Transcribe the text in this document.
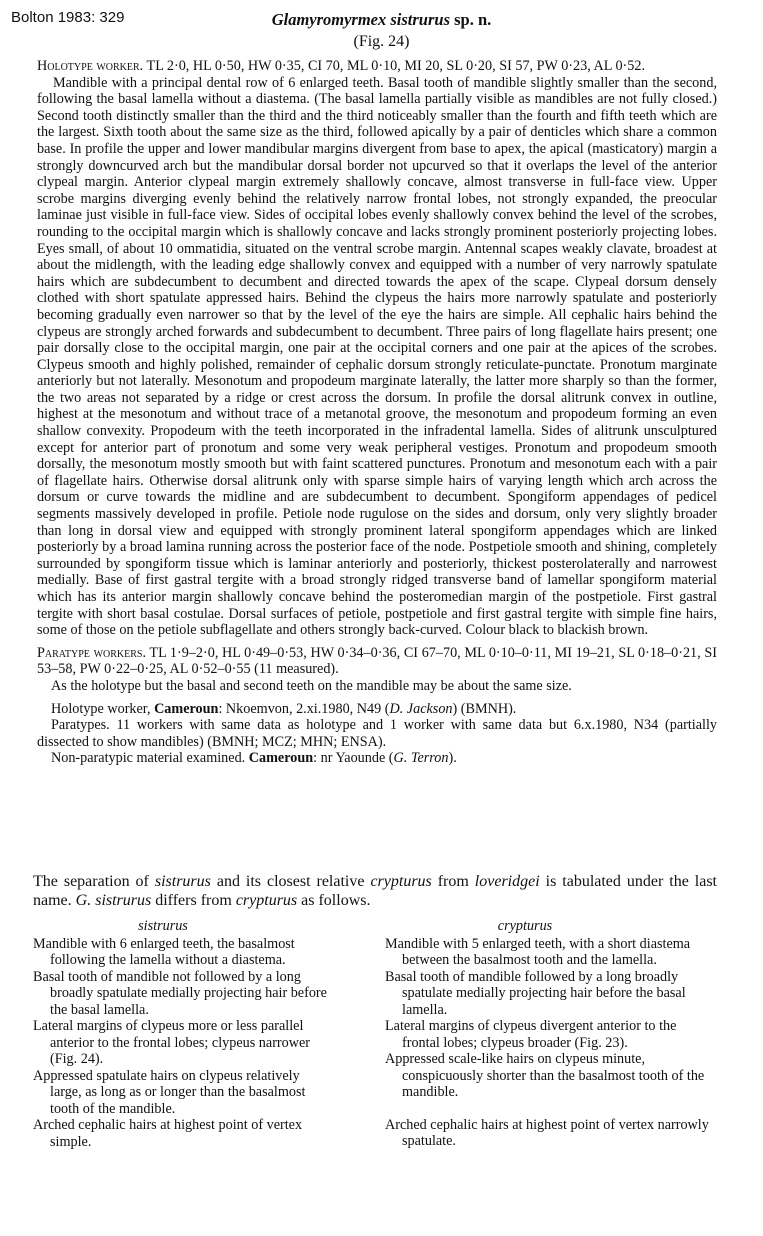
Bolton 1983: 329	Glamyromyrmex sistrurus sp. n.
(Fig. 24)

Holotype worker. TL 2·0, HL 0·50, HW 0·35, CI 70, ML 0·10, MI 20, SL 0·20, SI 57, PW 0·23, AL 0·52.

Mandible with a principal dental row of 6 enlarged teeth. Basal tooth of mandible slightly smaller than the second, following the basal lamella without a diastema. (The basal lamella partially visible as mandibles are not fully closed.) Second tooth distinctly smaller than the third and the third noticeably smaller than the fourth and fifth teeth which are the largest. Sixth tooth about the same size as the third, followed apically by a pair of denticles which share a common base. In profile the upper and lower mandibular margins divergent from base to apex, the apical (masticatory) margin a strongly downcurved arch but the mandibular dorsal border not upcurved so that it overlaps the level of the anterior clypeal margin. Anterior clypeal margin extremely shallowly concave, almost transverse in full-face view. Upper scrobe margins diverging evenly behind the relatively narrow frontal lobes, not strongly expanded, the preocular laminae just visible in full-face view. Sides of occipital lobes evenly shallowly convex behind the level of the scrobes, rounding to the occipital margin which is shallowly concave and lacks strongly prominent posteriorly projecting lobes. Eyes small, of about 10 ommatidia, situated on the ventral scrobe margin. Antennal scapes weakly clavate, broadest at about the midlength, with the leading edge shallowly convex and equipped with a number of very narrowly spatulate hairs which are subdecumbent to decumbent and directed towards the apex of the scape. Clypeal dorsum densely clothed with short spatulate appressed hairs. Behind the clypeus the hairs more narrowly spatulate and posteriorly becoming gradually even narrower so that by the level of the eye the hairs are simple. All cephalic hairs behind the clypeus are strongly arched forwards and subdecumbent to decumbent. Three pairs of long flagellate hairs present; one pair dorsally close to the occipital margin, one pair at the occipital corners and one pair at the apices of the scrobes. Clypeus smooth and highly polished, remainder of cephalic dorsum strongly reticulate-punctate. Pronotum marginate anteriorly but not laterally. Mesonotum and propodeum marginate laterally, the latter more sharply so than the former, the two areas not separated by a ridge or crest across the dorsum. In profile the dorsal alitrunk convex in outline, highest at the mesonotum and without trace of a metanotal groove, the mesonotum and propodeum forming an even shallow convexity. Propodeum with the teeth incorporated in the infradental lamella. Sides of alitrunk unsculptured except for anterior part of pronotum and some very weak peripheral vestiges. Pronotum and propodeum smooth dorsally, the mesonotum mostly smooth but with faint scattered punctures. Pronotum and mesonotum each with a pair of flagellate hairs. Otherwise dorsal alitrunk only with sparse simple hairs of varying length which arch across the dorsum or curve towards the midline and are subdecumbent to decumbent. Spongiform appendages of pedicel segments massively developed in profile. Petiole node rugulose on the sides and dorsum, only very slightly broader than long in dorsal view and equipped with strongly prominent lateral spongiform appendages which are linked posteriorly by a broad lamina running across the posterior face of the node. Postpetiole smooth and shining, completely surrounded by spongiform tissue which is laminar anteriorly and posteriorly, thickest posterolaterally and narrowest medially. Base of first gastral tergite with a broad strongly ridged transverse band of lamellar spongiform material which has its anterior margin shallowly concave behind the posteromedian margin of the postpetiole. First gastral tergite with short basal costulae. Dorsal surfaces of petiole, postpetiole and first gastral tergite with simple fine hairs, some of those on the petiole subflagellate and others strongly back-curved. Colour black to blackish brown.

Paratype workers. TL 1·9–2·0, HL 0·49–0·53, HW 0·34–0·36, CI 67–70, ML 0·10–0·11, MI 19–21, SL 0·18–0·21, SI 53–58, PW 0·22–0·25, AL 0·52–0·55 (11 measured).

As the holotype but the basal and second teeth on the mandible may be about the same size.

Holotype worker, Cameroun: Nkoemvon, 2.xi.1980, N49 (D. Jackson) (BMNH).

Paratypes. 11 workers with same data as holotype and 1 worker with same data but 6.x.1980, N34 (partially dissected to show mandibles) (BMNH; MCZ; MHN; ENSA).

Non-paratypic material examined. Cameroun: nr Yaounde (G. Terron).

The separation of sistrurus and its closest relative crypturus from loveridgei is tabulated under the last name. G. sistrurus differs from crypturus as follows.
sistrurus
Mandible with 6 enlarged teeth, the basalmost following the lamella without a diastema.
Basal tooth of mandible not followed by a long broadly spatulate medially projecting hair before the basal lamella.
Lateral margins of clypeus more or less parallel anterior to the frontal lobes; clypeus narrower (Fig. 24).
Appressed spatulate hairs on clypeus relatively large, as long as or longer than the basalmost tooth of the mandible.
Arched cephalic hairs at highest point of vertex simple.
crypturus
Mandible with 5 enlarged teeth, with a short diastema between the basalmost tooth and the lamella.
Basal tooth of mandible followed by a long broadly spatulate medially projecting hair before the basal lamella.
Lateral margins of clypeus divergent anterior to the frontal lobes; clypeus broader (Fig. 23).
Appressed scale-like hairs on clypeus minute, conspicuously shorter than the basalmost tooth of the mandible.
Arched cephalic hairs at highest point of vertex narrowly spatulate.
